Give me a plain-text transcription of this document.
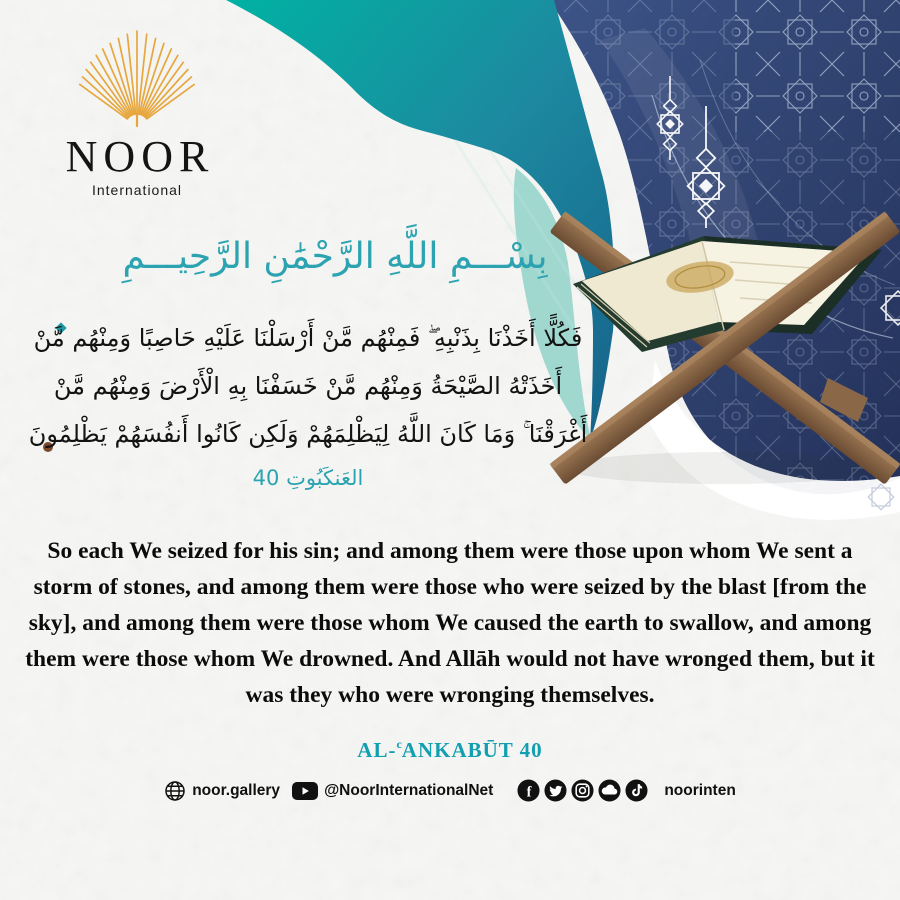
NOOR
International
بِسْـــمِ اللَّهِ الرَّحْمَٰنِ الرَّحِيـــمِ
فَكُلًّا أَخَذْنَا بِذَنْبِهِ ۖ فَمِنْهُم مَّنْ أَرْسَلْنَا عَلَيْهِ حَاصِبًا وَمِنْهُم مَّنْ
أَخَذَتْهُ الصَّيْحَةُ وَمِنْهُم مَّنْ خَسَفْنَا بِهِ الْأَرْضَ وَمِنْهُم مَّنْ
أَغْرَقْنَا ۚ وَمَا كَانَ اللَّهُ لِيَظْلِمَهُمْ وَلَكِن كَانُوا أَنفُسَهُمْ يَظْلِمُونَ
العَنكَبُوتِ 40
So each We seized for his sin; and among them were those upon whom We sent a storm of stones, and among them were those who were seized by the blast [from the sky], and among them were those whom We caused the earth to swallow, and among them were those whom We drowned. And Allāh would not have wronged them, but it was they who were wronging themselves.
AL-$^c$ANKABŪT 40
noor.gallery	@NoorInternationalNet f	noorinten
